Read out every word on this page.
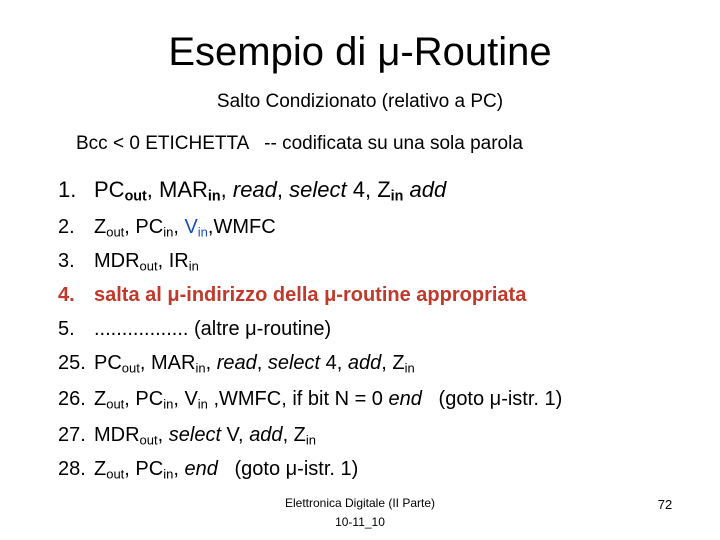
Esempio di μ-Routine
Salto Condizionato (relativo a PC)
Bcc < 0 ETICHETTA -- codificata su una sola parola
1. $PC_{out}$, $MAR_{in}$, read, select 4, $Z_{in}$ add
2. $Z_{out}$, $PC_{in}$, $V_{in},WMFC$
3. $MDR_{out}$, $IR_{in}$
4. salta al μ-indirizzo della μ-routine appropriata
5. ................. (altre μ-routine)
25. $PC_{out}$, $MAR_{in}$, read, select 4, add, $Z_{in}$
26. $Z_{out}$, $PC_{in}$, $V_{in}$ ,WMFC, if bit N = 0 end   (goto μ-istr. 1)
27. $MDR_{out}$, select V, add, $Z_{in}$
28. $Z_{out}$, $PC_{in}$, end   (goto μ-istr. 1)
Elettronica Digitale (II Parte)
10-11_10
72
